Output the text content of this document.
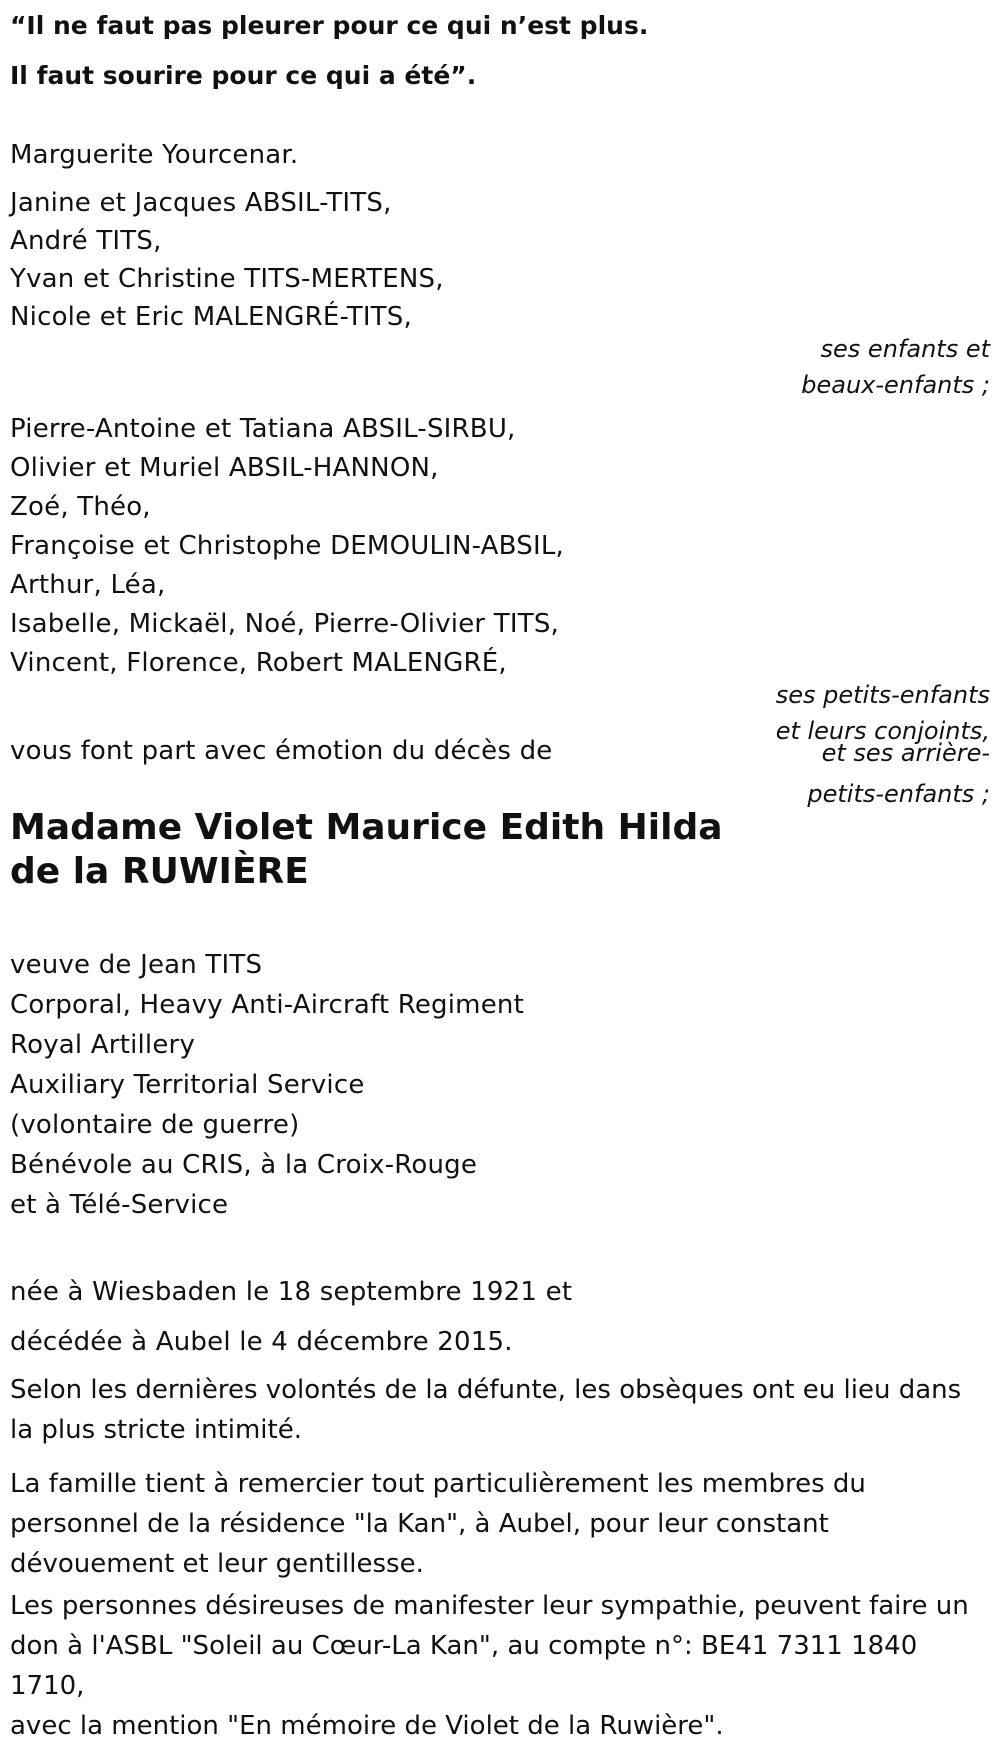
“Il ne faut pas pleurer pour ce qui n’est plus.
Il faut sourire pour ce qui a été”.
Marguerite Yourcenar.
Janine et Jacques ABSIL-TITS,
André TITS,
Yvan et Christine TITS-MERTENS,
Nicole et Eric MALENGRÉ-TITS,
ses enfants et
beaux-enfants ;
Pierre-Antoine et Tatiana ABSIL-SIRBU,
Olivier et Muriel ABSIL-HANNON,
Zoé, Théo,
Françoise et Christophe DEMOULIN-ABSIL,
Arthur, Léa,
Isabelle, Mickaël, Noé, Pierre-Olivier TITS,
Vincent, Florence, Robert MALENGRÉ,
ses petits-enfants
et leurs conjoints,
et ses arrière-
petits-enfants ;
vous font part avec émotion du décès de
Madame Violet Maurice Edith Hilda
de la RUWIÈRE
veuve de Jean TITS
Corporal, Heavy Anti-Aircraft Regiment
Royal Artillery
Auxiliary Territorial Service
(volontaire de guerre)
Bénévole au CRIS, à la Croix-Rouge
et à Télé-Service
née à Wiesbaden le 18 septembre 1921 et
décédée à Aubel le 4 décembre 2015.
Selon les dernières volontés de la défunte, les obsèques ont eu lieu dans
la plus stricte intimité.
La famille tient à remercier tout particulièrement les membres du
personnel de la résidence "la Kan", à Aubel, pour leur constant
dévouement et leur gentillesse.
Les personnes désireuses de manifester leur sympathie, peuvent faire un
don à l'ASBL "Soleil au Cœur-La Kan", au compte n°: BE41 7311 1840 1710,
avec la mention "En mémoire de Violet de la Ruwière".
